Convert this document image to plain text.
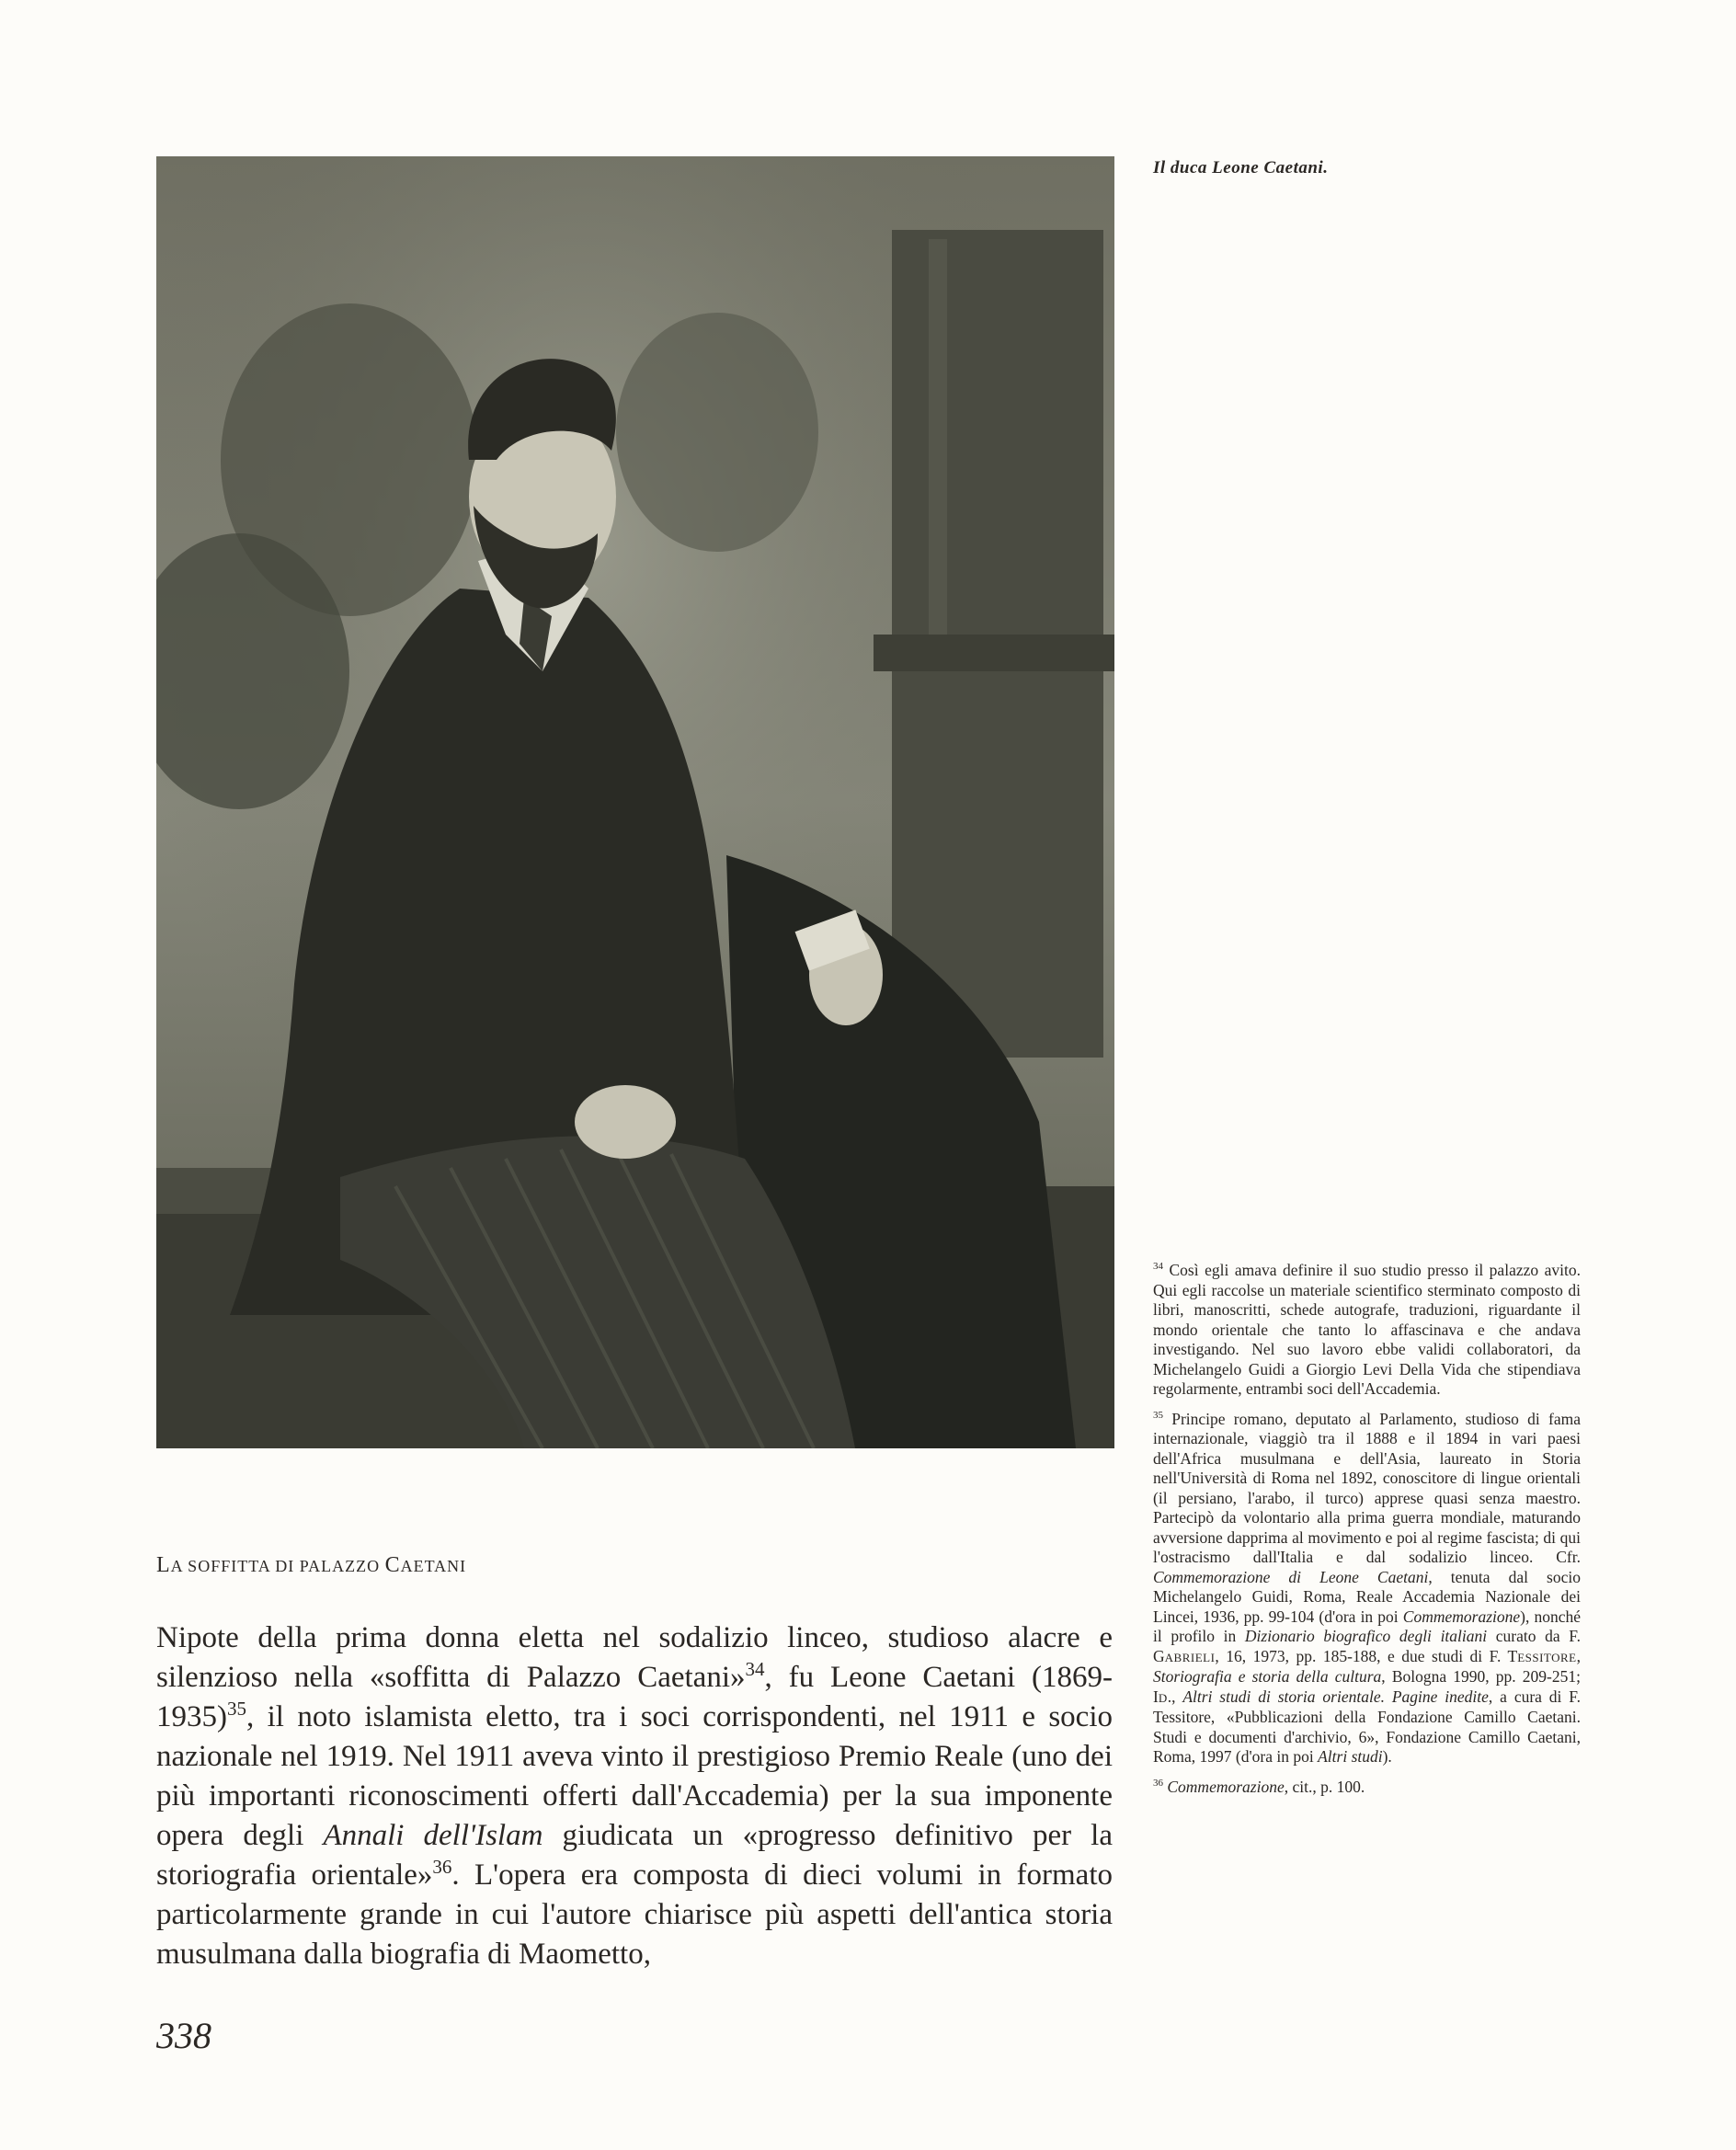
Il duca Leone Caetani.
LA SOFFITTA DI PALAZZO CAETANI

Nipote della prima donna eletta nel sodalizio linceo, studioso alacre e silenzioso nella «soffitta di Palazzo Caetani»$^{34}$, fu Leone Caetani (1869-1935)$^{35}$, il noto islamista eletto, tra i soci corrispondenti, nel 1911 e socio nazionale nel 1919. Nel 1911 aveva vinto il prestigioso Premio Reale (uno dei più importanti riconoscimenti offerti dall'Accademia) per la sua imponente opera degli Annali dell'Islam giudicata un «progresso definitivo per la storiografia orientale»$^{36}$. L'opera era composta di dieci volumi in formato particolarmente grande in cui l'autore chiarisce più aspetti dell'antica storia musulmana dalla biografia di Maometto,

$^{34}$ Così egli amava definire il suo studio presso il palazzo avito. Qui egli raccolse un materiale scientifico sterminato composto di libri, manoscritti, schede autografe, traduzioni, riguardante il mondo orientale che tanto lo affascinava e che andava investigando. Nel suo lavoro ebbe validi collaboratori, da Michelangelo Guidi a Giorgio Levi Della Vida che stipendiava regolarmente, entrambi soci dell'Accademia.

$^{35}$ Principe romano, deputato al Parlamento, studioso di fama internazionale, viaggiò tra il 1888 e il 1894 in vari paesi dell'Africa musulmana e dell'Asia, laureato in Storia nell'Università di Roma nel 1892, conoscitore di lingue orientali (il persiano, l'arabo, il turco) apprese quasi senza maestro. Partecipò da volontario alla prima guerra mondiale, maturando avversione dapprima al movimento e poi al regime fascista; di qui l'ostracismo dall'Italia e dal sodalizio linceo. Cfr. Commemorazione di Leone Caetani, tenuta dal socio Michelangelo Guidi, Roma, Reale Accademia Nazionale dei Lincei, 1936, pp. 99-104 (d'ora in poi Commemorazione), nonché il profilo in Dizionario biografico degli italiani curato da F. GABRIELI, 16, 1973, pp. 185-188, e due studi di F. TESSITORE, Storiografia e storia della cultura, Bologna 1990, pp. 209-251; ID., Altri studi di storia orientale. Pagine inedite, a cura di F. Tessitore, «Pubblicazioni della Fondazione Camillo Caetani. Studi e documenti d'archivio, 6», Fondazione Camillo Caetani, Roma, 1997 (d'ora in poi Altri studi).

$^{36}$ Commemorazione, cit., p. 100.

338
